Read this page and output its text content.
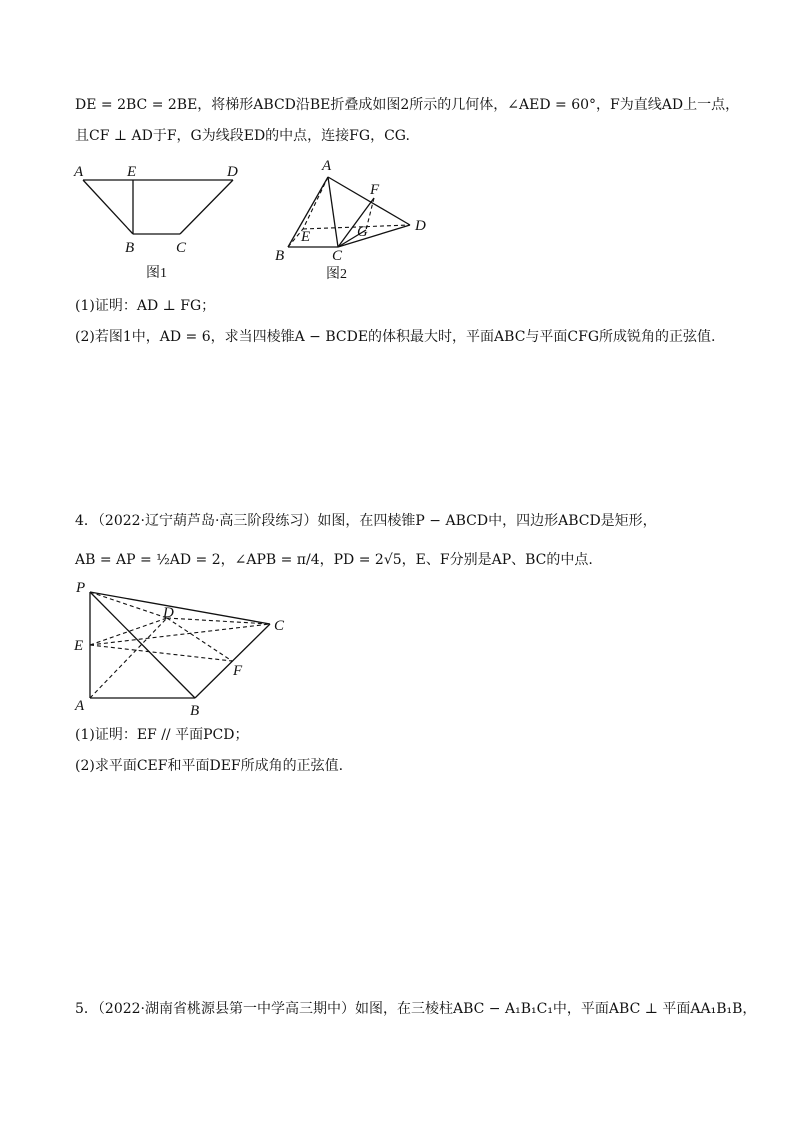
DE = 2BC = 2BE，将梯形ABCD沿BE折叠成如图2所示的几何体，∠AED = 60°，F为直线AD上一点，
且CF ⊥ AD于F，G为线段ED的中点，连接FG，CG.
A	E	D
B	C
图1
A
F
D
E	G
B	C
图2
(1)证明：AD ⊥ FG；
(2)若图1中，AD = 6，求当四棱锥A − BCDE的体积最大时，平面ABC与平面CFG所成锐角的正弦值.
4．（2022·辽宁葫芦岛·高三阶段练习）如图，在四棱锥P − ABCD中，四边形ABCD是矩形，
AB = AP = ½AD = 2，∠APB = π/4，PD = 2√5，E、F分别是AP、BC的中点.
P
D
C
E
F
A	B
(1)证明：EF // 平面PCD；
(2)求平面CEF和平面DEF所成角的正弦值.
5．（2022·湖南省桃源县第一中学高三期中）如图，在三棱柱ABC − A₁B₁C₁中，平面ABC ⊥ 平面AA₁B₁B，
